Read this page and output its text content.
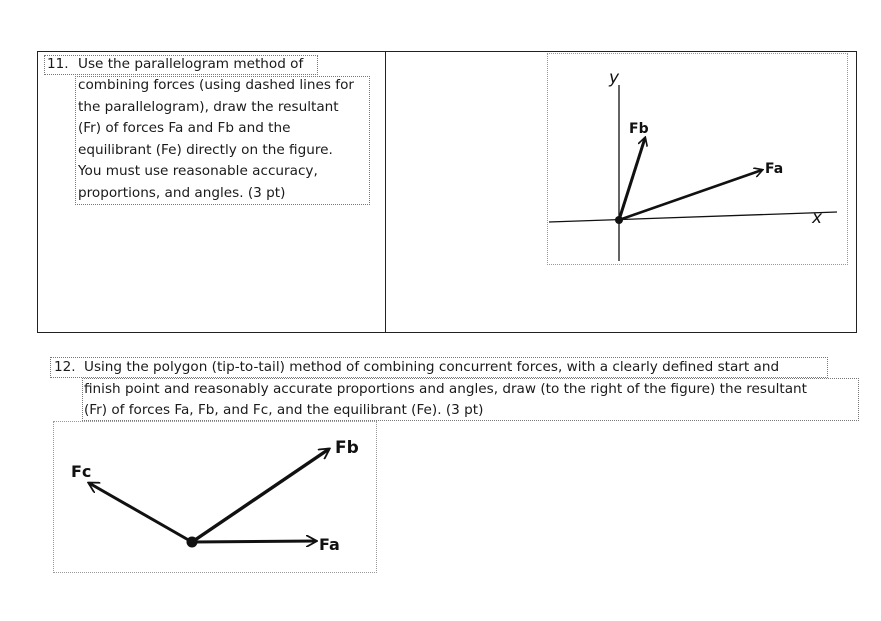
11. Use the parallelogram method of
combining forces (using dashed lines for
the parallelogram), draw the resultant
(Fr) of forces Fa and Fb and the
equilibrant (Fe) directly on the figure.
You must use reasonable accuracy,
proportions, and angles. (3 pt)
y
x
Fb
Fa
12. Using the polygon (tip-to-tail) method of combining concurrent forces, with a clearly defined start and
finish point and reasonably accurate proportions and angles, draw (to the right of the figure) the resultant
(Fr) of forces Fa, Fb, and Fc, and the equilibrant (Fe). (3 pt)
Fc
Fb
Fa
